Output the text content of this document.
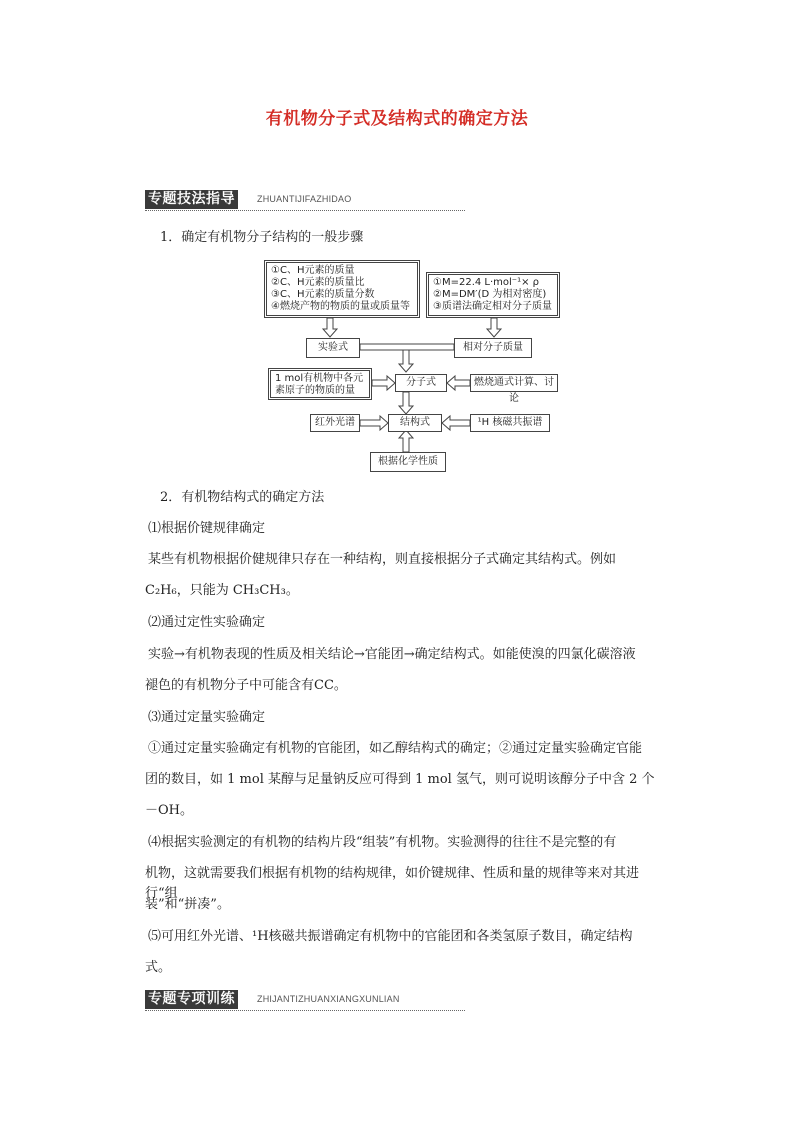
有机物分子式及结构式的确定方法
专题技法指导	ZHUANTIJIFAZHIDAO
1．确定有机物分子结构的一般步骤
①C、H元素的质量
②C、H元素的质量比
③C、H元素的质量分数
④燃烧产物的物质的量或质量等
①M=22.4 L·mol⁻¹× ρ
②M=DM′(D 为相对密度)
③质谱法确定相对分子质量
实验式	相对分子质量
1 mol有机物中各元
素原子的物质的量
分子式	燃烧通式计算、讨论
红外光谱	结构式	¹H 核磁共振谱
根据化学性质
2．有机物结构式的确定方法
⑴根据价键规律确定
某些有机物根据价健规律只存在一种结构，则直接根据分子式确定其结构式。例如
C₂H₆，只能为 CH₃CH₃。
⑵通过定性实验确定
实验→有机物表现的性质及相关结论→官能团→确定结构式。如能使溴的四氯化碳溶液
褪色的有机物分子中可能含有CC。
⑶通过定量实验确定
①通过定量实验确定有机物的官能团，如乙醇结构式的确定；②通过定量实验确定官能
团的数目，如 1 mol 某醇与足量钠反应可得到 1 mol 氢气，则可说明该醇分子中含 2 个
－OH。
⑷根据实验测定的有机物的结构片段“组装”有机物。实验测得的往往不是完整的有
机物，这就需要我们根据有机物的结构规律，如价键规律、性质和量的规律等来对其进行“组
装”和“拼凑”。
⑸可用红外光谱、¹H核磁共振谱确定有机物中的官能团和各类氢原子数目，确定结构
式。
专题专项训练	ZHIJANTIZHUANXIANGXUNLIAN
